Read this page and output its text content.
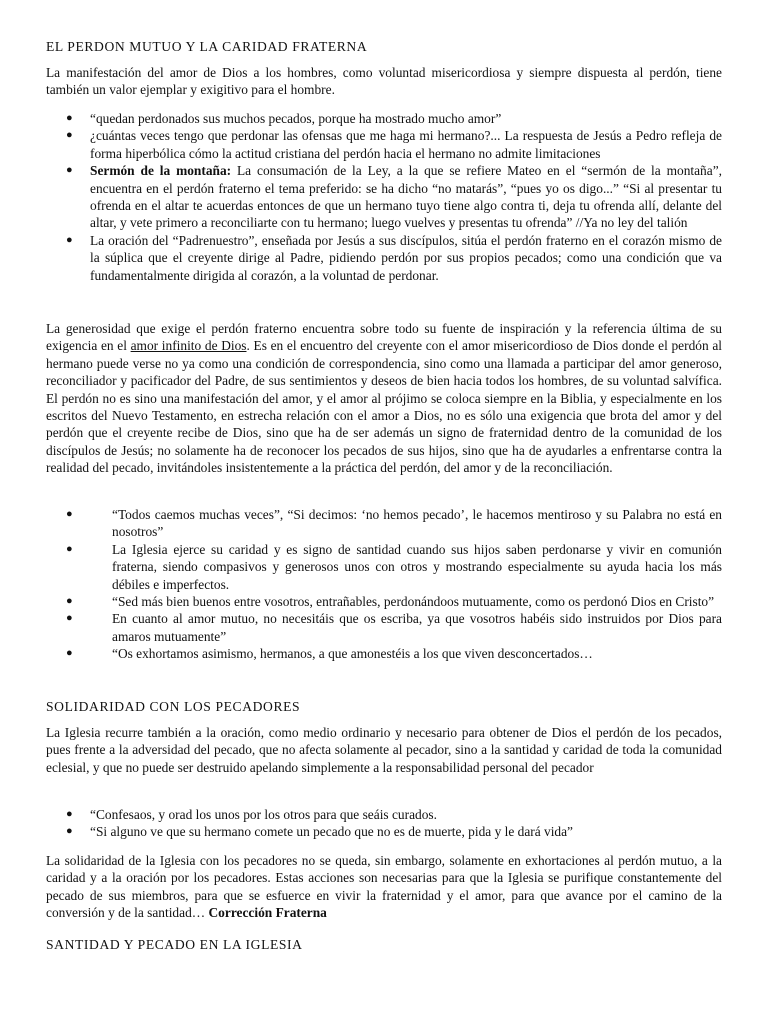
EL PERDON MUTUO Y LA CARIDAD FRATERNA

La manifestación del amor de Dios a los hombres, como voluntad misericordiosa y siempre dispuesta al perdón, tiene también un valor ejemplar y exigitivo para el hombre.

● “quedan perdonados sus muchos pecados, porque ha mostrado mucho amor”
● ¿cuántas veces tengo que perdonar las ofensas que me haga mi hermano?... La respuesta de Jesús a Pedro refleja de forma hiperbólica cómo la actitud cristiana del perdón hacia el hermano no admite limitaciones
● Sermón de la montaña: La consumación de la Ley, a la que se refiere Mateo en el “sermón de la montaña”, encuentra en el perdón fraterno el tema preferido: se ha dicho “no matarás”, “pues yo os digo...” “Si al presentar tu ofrenda en el altar te acuerdas entonces de que un hermano tuyo tiene algo contra ti, deja tu ofrenda allí, delante del altar, y vete primero a reconciliarte con tu hermano; luego vuelves y presentas tu ofrenda” //Ya no ley del talión
● La oración del “Padrenuestro”, enseñada por Jesús a sus discípulos, sitúa el perdón fraterno en el corazón mismo de la súplica que el creyente dirige al Padre, pidiendo perdón por sus propios pecados; como una condición que va fundamentalmente dirigida al corazón, a la voluntad de perdonar.

La generosidad que exige el perdón fraterno encuentra sobre todo su fuente de inspiración y la referencia última de su exigencia en el amor infinito de Dios. Es en el encuentro del creyente con el amor misericordioso de Dios donde el perdón al hermano puede verse no ya como una condición de correspondencia, sino como una llamada a participar del amor generoso, reconciliador y pacificador del Padre, de sus sentimientos y deseos de bien hacia todos los hombres, de su voluntad salvífica. El perdón no es sino una manifestación del amor, y el amor al prójimo se coloca siempre en la Biblia, y especialmente en los escritos del Nuevo Testamento, en estrecha relación con el amor a Dios, no es sólo una exigencia que brota del amor y del perdón que el creyente recibe de Dios, sino que ha de ser además un signo de fraternidad dentro de la comunidad de los discípulos de Jesús; no solamente ha de reconocer los pecados de sus hijos, sino que ha de ayudarles a enfrentarse contra la realidad del pecado, invitándoles insistentemente a la práctica del perdón, del amor y de la reconciliación.

●	“Todos caemos muchas veces”, “Si decimos: ‘no hemos pecado’, le hacemos mentiroso y su Palabra no está en nosotros”
●	La Iglesia ejerce su caridad y es signo de santidad cuando sus hijos saben perdonarse y vivir en comunión fraterna, siendo compasivos y generosos unos con otros y mostrando especialmente su ayuda hacia los más débiles e imperfectos.
●	“Sed más bien buenos entre vosotros, entrañables, perdonándoos mutuamente, como os perdonó Dios en Cristo”
●	En cuanto al amor mutuo, no necesitáis que os escriba, ya que vosotros habéis sido instruidos por Dios para amaros mutuamente”
●	“Os exhortamos asimismo, hermanos, a que amonestéis a los que viven desconcertados…
SOLIDARIDAD CON LOS PECADORES

La Iglesia recurre también a la oración, como medio ordinario y necesario para obtener de Dios el perdón de los pecados, pues frente a la adversidad del pecado, que no afecta solamente al pecador, sino a la santidad y caridad de toda la comunidad eclesial, y que no puede ser destruido apelando simplemente a la responsabilidad personal del pecador

● “Confesaos, y orad los unos por los otros para que seáis curados.
● “Si alguno ve que su hermano comete un pecado que no es de muerte, pida y le dará vida”

La solidaridad de la Iglesia con los pecadores no se queda, sin embargo, solamente en exhortaciones al perdón mutuo, a la caridad y a la oración por los pecadores. Estas acciones son necesarias para que la Iglesia se purifique constantemente del pecado de sus miembros, para que se esfuerce en vivir la fraternidad y el amor, para que avance por el camino de la conversión y de la santidad… Corrección Fraterna

SANTIDAD Y PECADO EN LA IGLESIA
